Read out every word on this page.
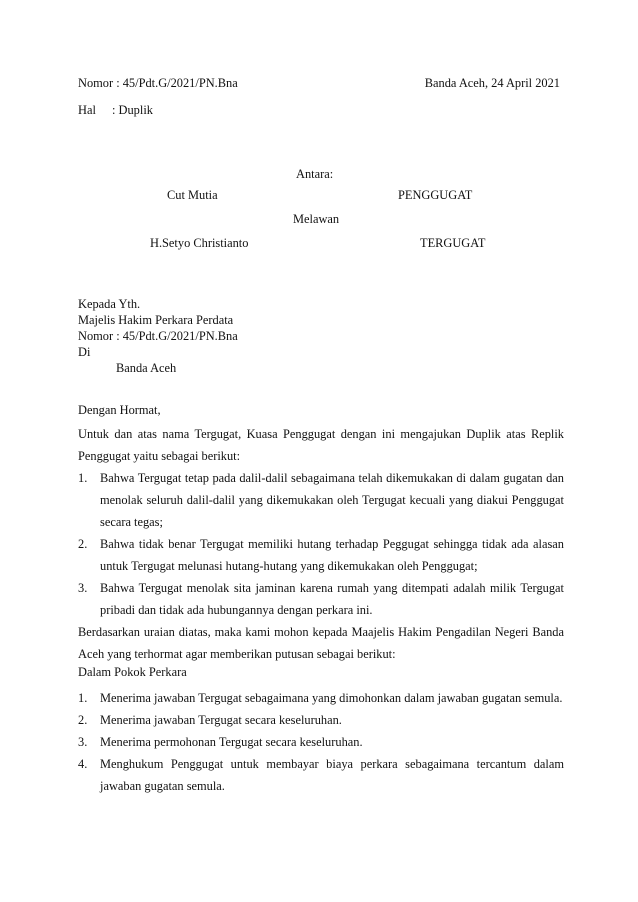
Nomor : 45/Pdt.G/2021/PN.Bna	Banda Aceh, 24 April 2021
Hal : Duplik
Antara:
Cut Mutia	PENGGUGAT
Melawan
H.Setyo Christianto	TERGUGAT
Kepada Yth.
Majelis Hakim Perkara Perdata
Nomor : 45/Pdt.G/2021/PN.Bna
Di
Banda Aceh
Dengan Hormat,
Untuk dan atas nama Tergugat, Kuasa Penggugat dengan ini mengajukan Duplik atas Replik Penggugat yaitu sebagai berikut:
1. Bahwa Tergugat tetap pada dalil-dalil sebagaimana telah dikemukakan di dalam gugatan dan menolak seluruh dalil-dalil yang dikemukakan oleh Tergugat kecuali yang diakui Penggugat secara tegas;
2. Bahwa tidak benar Tergugat memiliki hutang terhadap Peggugat sehingga tidak ada alasan untuk Tergugat melunasi hutang-hutang yang dikemukakan oleh Penggugat;
3. Bahwa Tergugat menolak sita jaminan karena rumah yang ditempati adalah milik Tergugat pribadi dan tidak ada hubungannya dengan perkara ini.
Berdasarkan uraian diatas, maka kami mohon kepada Maajelis Hakim Pengadilan Negeri Banda Aceh yang terhormat agar memberikan putusan sebagai berikut:
Dalam Pokok Perkara
1. Menerima jawaban Tergugat sebagaimana yang dimohonkan dalam jawaban gugatan semula.
2. Menerima jawaban Tergugat secara keseluruhan.
3. Menerima permohonan Tergugat secara keseluruhan.
4. Menghukum Penggugat untuk membayar biaya perkara sebagaimana tercantum dalam jawaban gugatan semula.
